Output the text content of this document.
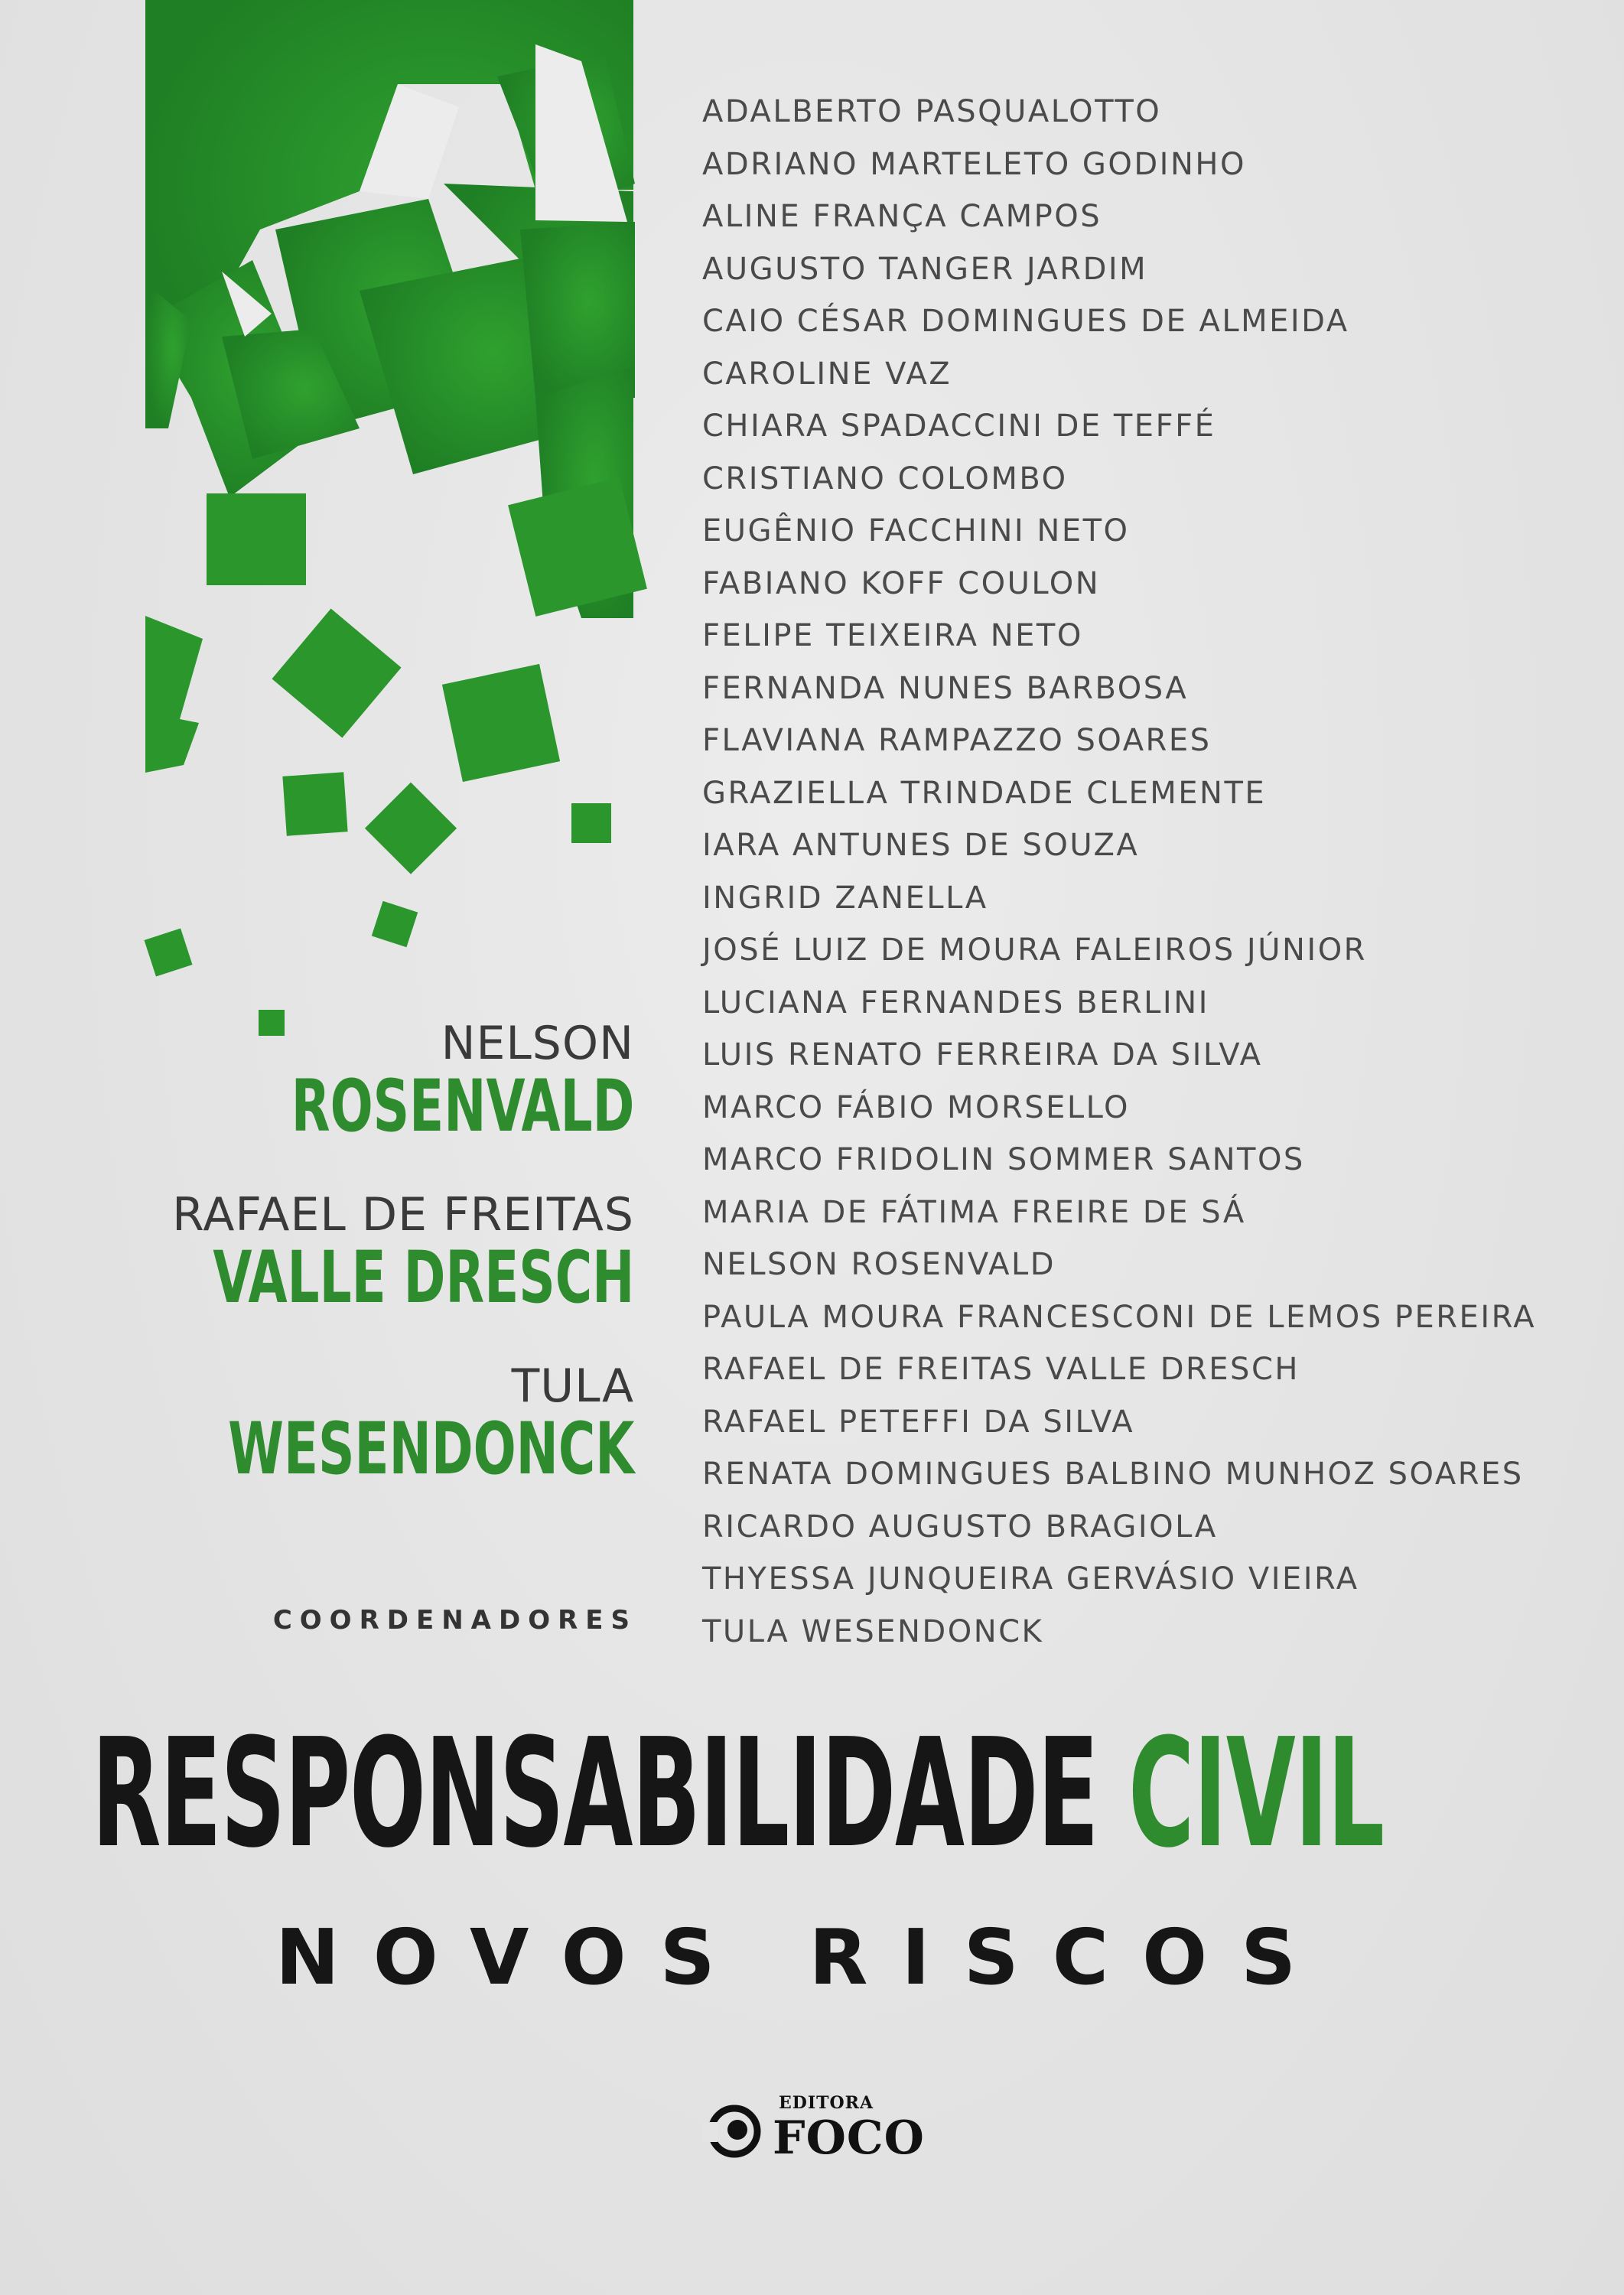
ADALBERTO PASQUALOTTO
ADRIANO MARTELETO GODINHO
ALINE FRANÇA CAMPOS
AUGUSTO TANGER JARDIM
CAIO CÉSAR DOMINGUES DE ALMEIDA
CAROLINE VAZ
CHIARA SPADACCINI DE TEFFÉ
CRISTIANO COLOMBO
EUGÊNIO FACCHINI NETO
FABIANO KOFF COULON
FELIPE TEIXEIRA NETO
FERNANDA NUNES BARBOSA
FLAVIANA RAMPAZZO SOARES
GRAZIELLA TRINDADE CLEMENTE
IARA ANTUNES DE SOUZA
INGRID ZANELLA
JOSÉ LUIZ DE MOURA FALEIROS JÚNIOR
LUCIANA FERNANDES BERLINI
LUIS RENATO FERREIRA DA SILVA
MARCO FÁBIO MORSELLO
MARCO FRIDOLIN SOMMER SANTOS
MARIA DE FÁTIMA FREIRE DE SÁ
NELSON ROSENVALD
PAULA MOURA FRANCESCONI DE LEMOS PEREIRA
RAFAEL DE FREITAS VALLE DRESCH
RAFAEL PETEFFI DA SILVA
RENATA DOMINGUES BALBINO MUNHOZ SOARES
RICARDO AUGUSTO BRAGIOLA
THYESSA JUNQUEIRA GERVÁSIO VIEIRA
TULA WESENDONCK
NELSON
ROSENVALD
RAFAEL DE FREITAS
VALLE DRESCH
TULA
WESENDONCK
COORDENADORES
RESPONSABILIDADE CIVIL
NOVOS RISCOS
EDITORA
FOCO
